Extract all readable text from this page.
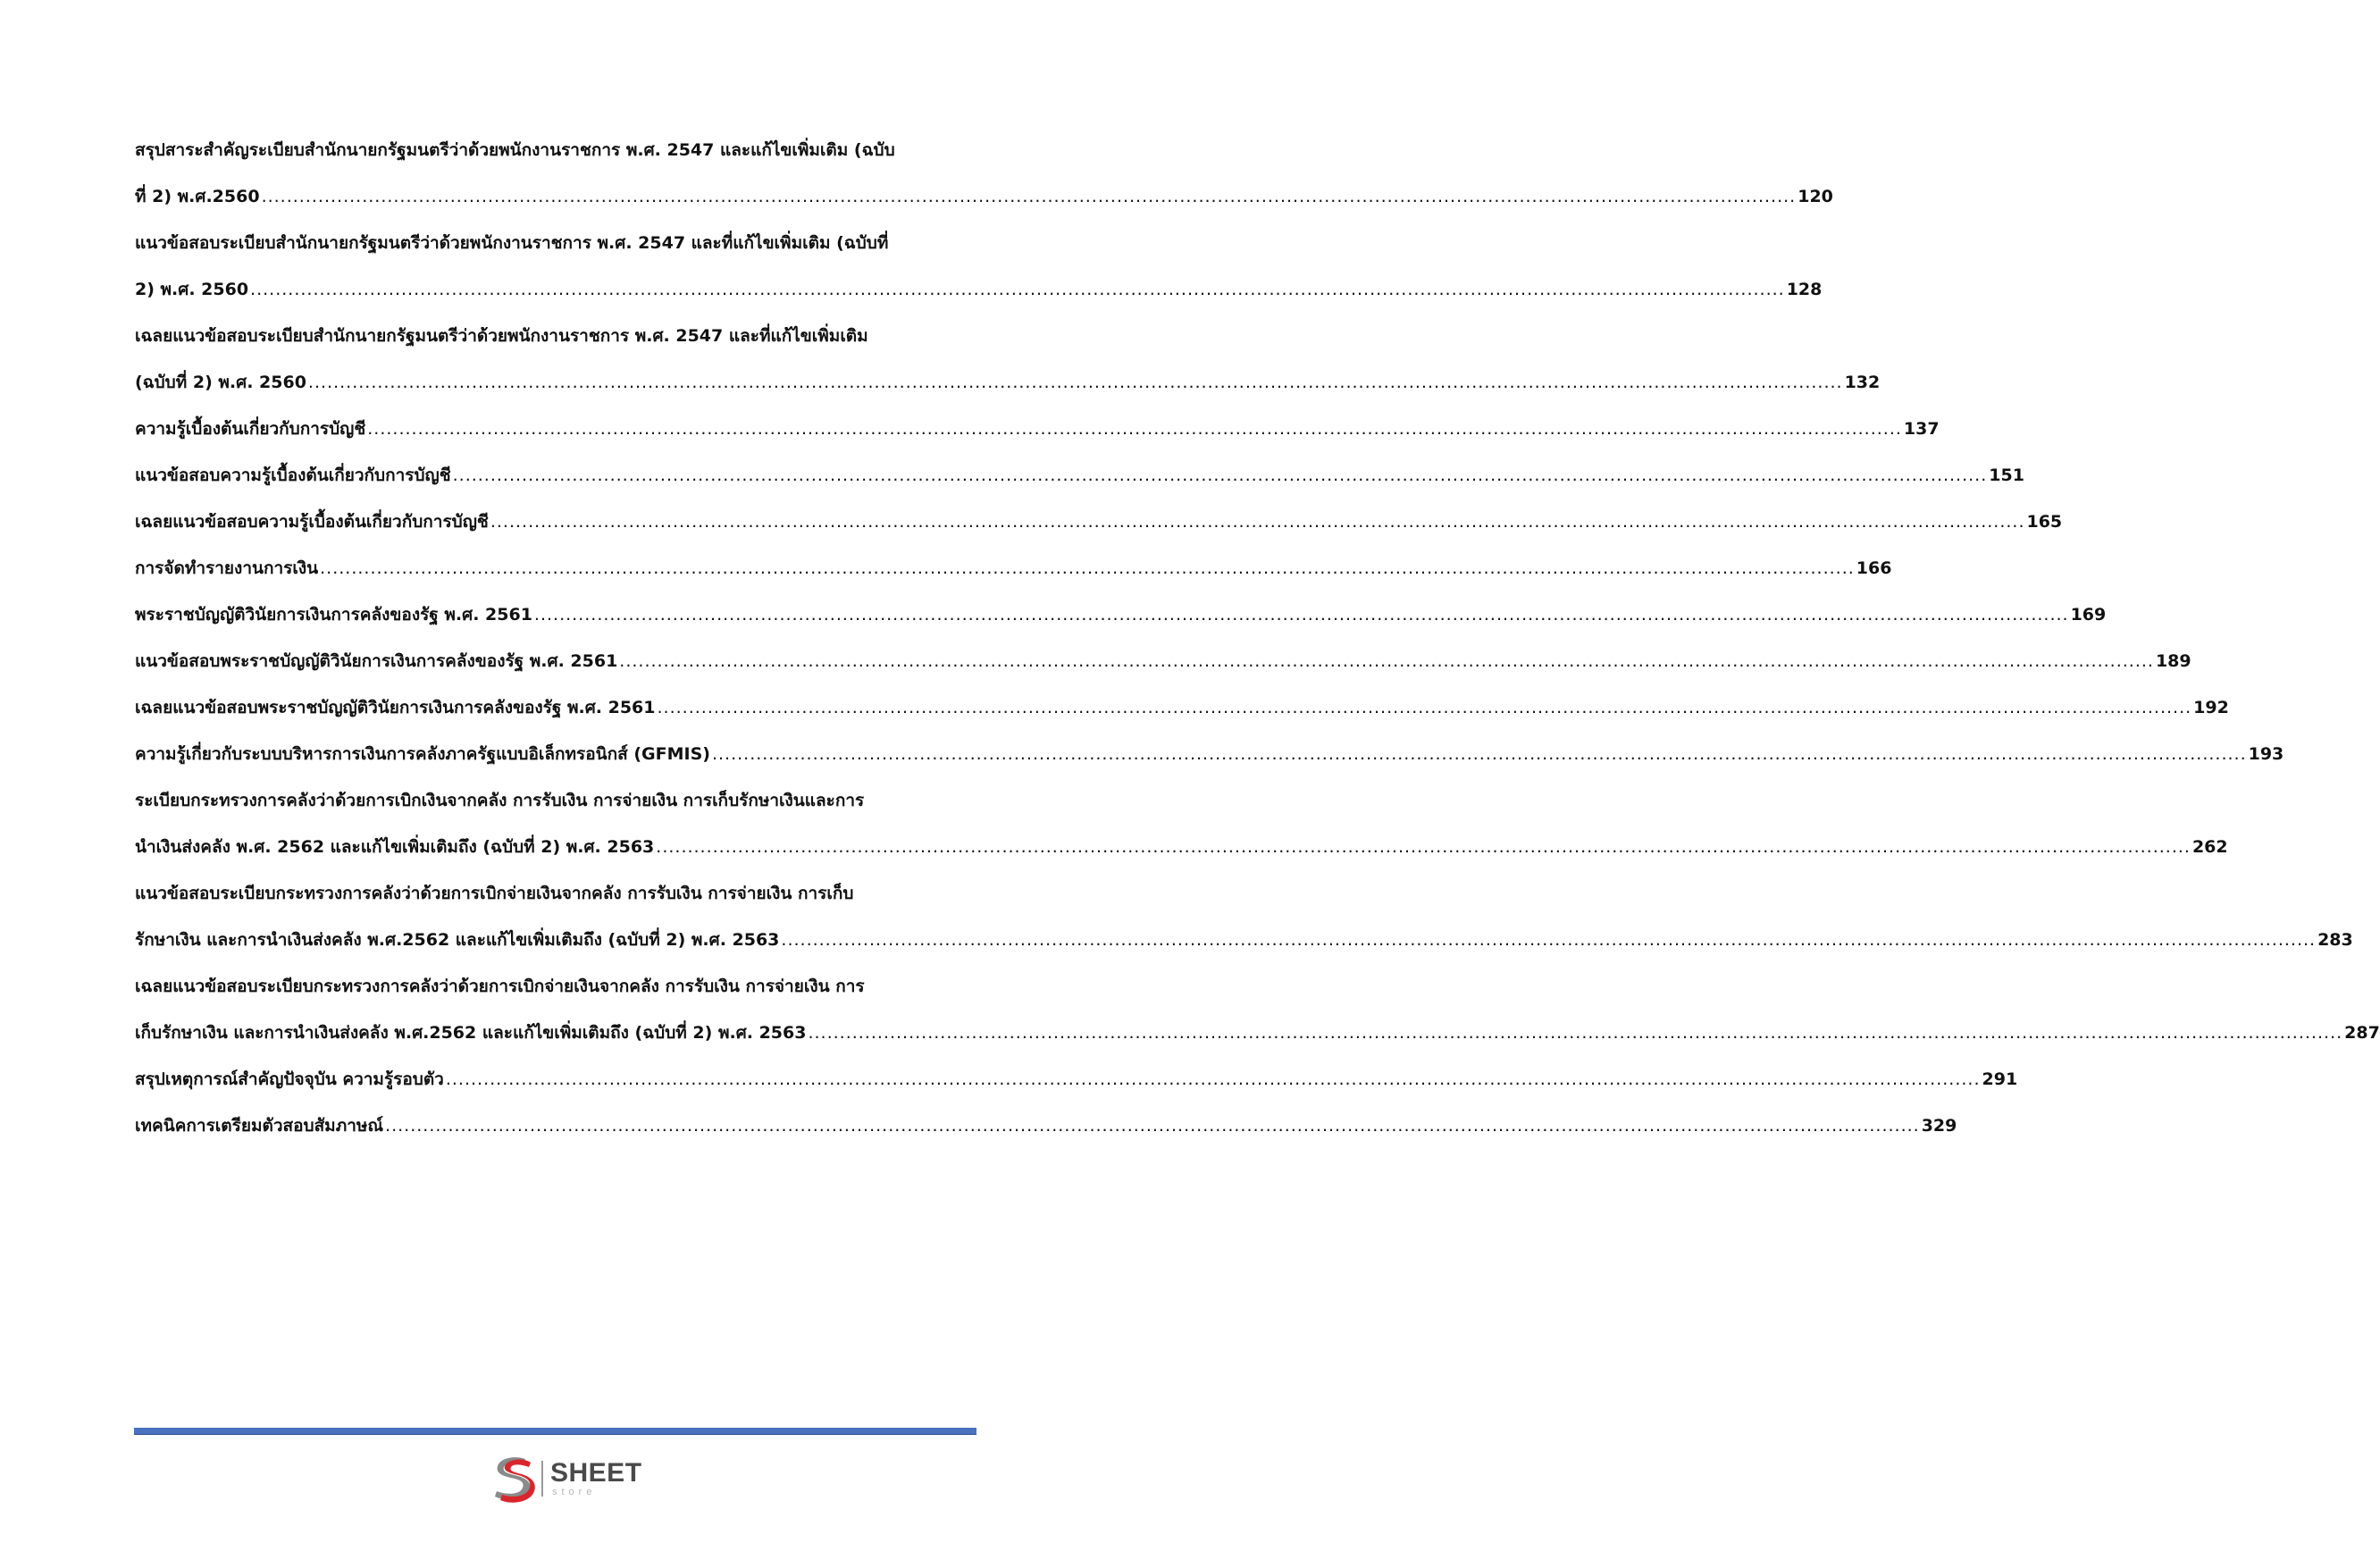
สรุปสาระสำคัญระเบียบสำนักนายกรัฐมนตรีว่าด้วยพนักงานราชการ พ.ศ. 2547 และแก้ไขเพิ่มเติม (ฉบับ
ที่ 2) พ.ศ.2560 .....	120
แนวข้อสอบระเบียบสำนักนายกรัฐมนตรีว่าด้วยพนักงานราชการ พ.ศ. 2547 และที่แก้ไขเพิ่มเติม (ฉบับที่
2) พ.ศ. 2560 .....	128
เฉลยแนวข้อสอบระเบียบสำนักนายกรัฐมนตรีว่าด้วยพนักงานราชการ พ.ศ. 2547 และที่แก้ไขเพิ่มเติม
(ฉบับที่ 2) พ.ศ. 2560 .....	132
ความรู้เบื้องต้นเกี่ยวกับการบัญชี .....	137
แนวข้อสอบความรู้เบื้องต้นเกี่ยวกับการบัญชี .....	151
เฉลยแนวข้อสอบความรู้เบื้องต้นเกี่ยวกับการบัญชี .....	165
การจัดทำรายงานการเงิน .....	166
พระราชบัญญัติวินัยการเงินการคลังของรัฐ พ.ศ. 2561 .....	169
แนวข้อสอบพระราชบัญญัติวินัยการเงินการคลังของรัฐ พ.ศ. 2561 .....	189
เฉลยแนวข้อสอบพระราชบัญญัติวินัยการเงินการคลังของรัฐ พ.ศ. 2561 .....	192
ความรู้เกี่ยวกับระบบบริหารการเงินการคลังภาครัฐแบบอิเล็กทรอนิกส์ (GFMIS) .....	193
ระเบียบกระทรวงการคลังว่าด้วยการเบิกเงินจากคลัง การรับเงิน การจ่ายเงิน การเก็บรักษาเงินและการ
นำเงินส่งคลัง พ.ศ. 2562 และแก้ไขเพิ่มเติมถึง (ฉบับที่ 2) พ.ศ. 2563 .....	262
แนวข้อสอบระเบียบกระทรวงการคลังว่าด้วยการเบิกจ่ายเงินจากคลัง การรับเงิน การจ่ายเงิน การเก็บ
รักษาเงิน และการนำเงินส่งคลัง พ.ศ.2562 และแก้ไขเพิ่มเติมถึง (ฉบับที่ 2) พ.ศ. 2563 .....	283
เฉลยแนวข้อสอบระเบียบกระทรวงการคลังว่าด้วยการเบิกจ่ายเงินจากคลัง การรับเงิน การจ่ายเงิน การ
เก็บรักษาเงิน และการนำเงินส่งคลัง พ.ศ.2562 และแก้ไขเพิ่มเติมถึง (ฉบับที่ 2) พ.ศ. 2563 .....	287
สรุปเหตุการณ์สำคัญปัจจุบัน ความรู้รอบตัว .....	291
เทคนิคการเตรียมตัวสอบสัมภาษณ์ .....	329
SHEET
store
